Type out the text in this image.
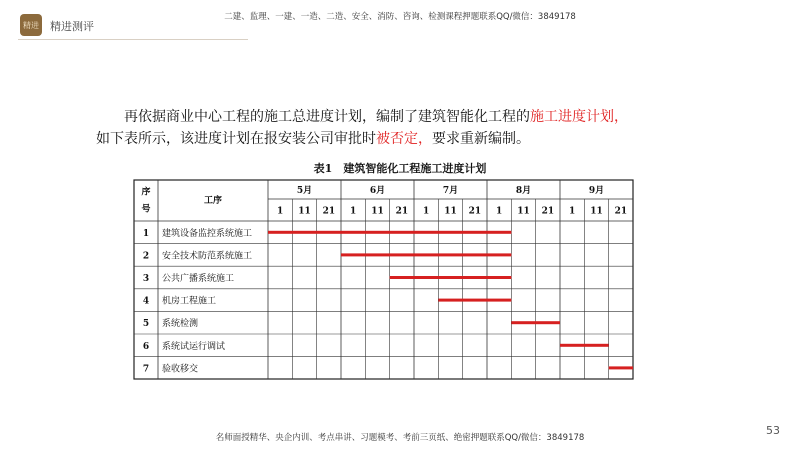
精进 精进测评
二建、监理、一建、一造、二造、安全、消防、咨询、检测课程押题联系QQ/微信：3849178
再依据商业中心工程的施工总进度计划，编制了建筑智能化工程的施工进度计划，
如下表所示，该进度计划在报安装公司审批时被否定，要求重新编制。
表1　建筑智能化工程施工进度计划
序
号
工序
5月
1 11 21
6月
1 11 21
7月
1 11 21
8月
1 11 21
9月
1 11 21
1 建筑设备监控系统施工
2 安全技术防范系统施工
3 公共广播系统施工
4 机房工程施工
5 系统检测
6 系统试运行调试
7 验收移交
名师面授精华、央企内训、考点串讲、习题模考、考前三页纸、绝密押题联系QQ/微信：3849178
53
